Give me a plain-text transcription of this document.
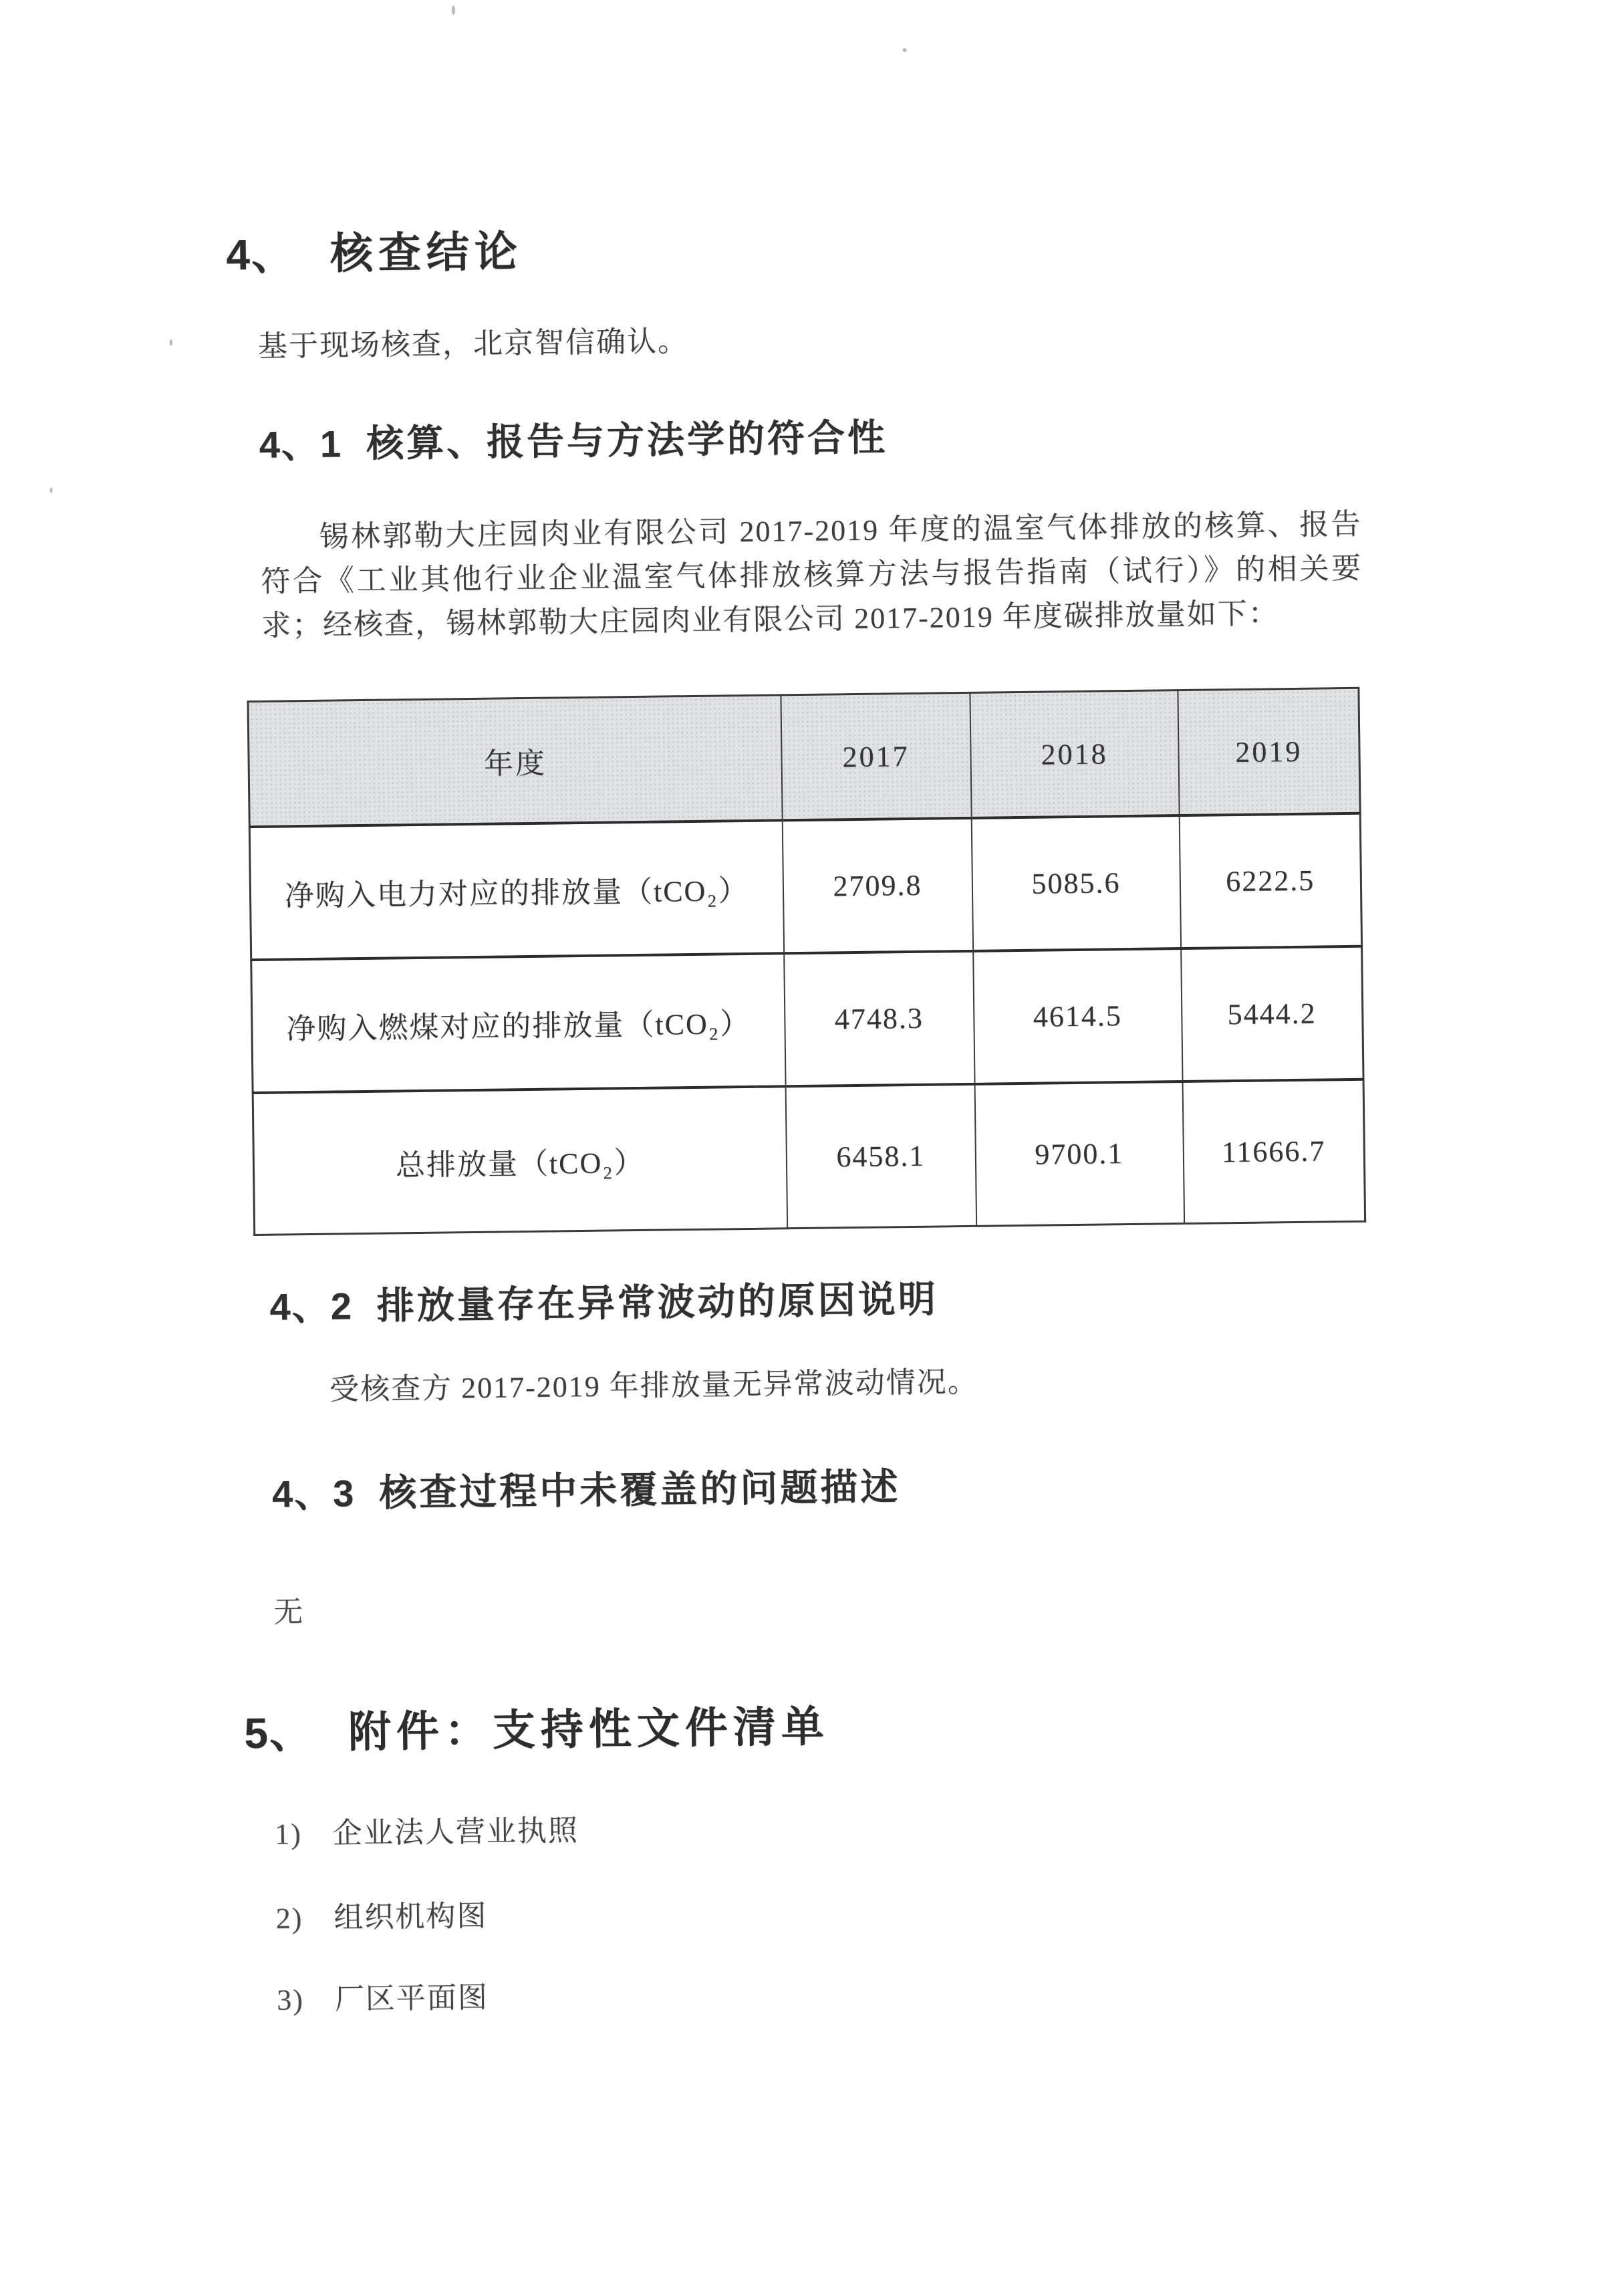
4、 核查结论
基于现场核查，北京智信确认。
4、1 核算、报告与方法学的符合性
锡林郭勒大庄园肉业有限公司 2017-2019 年度的温室气体排放的核算、报告符合《工业其他行业企业温室气体排放核算方法与报告指南（试行）》的相关要求；经核查，锡林郭勒大庄园肉业有限公司 2017-2019 年度碳排放量如下：
年度	2017	2018	2019
净购入电力对应的排放量（tCO₂）	2709.8	5085.6	6222.5
净购入燃煤对应的排放量（tCO₂）	4748.3	4614.5	5444.2
总排放量（tCO₂）	6458.1	9700.1	11666.7
4、2 排放量存在异常波动的原因说明
受核查方 2017-2019 年排放量无异常波动情况。
4、3 核查过程中未覆盖的问题描述
无
5、 附件：支持性文件清单
1) 企业法人营业执照
2) 组织机构图
3) 厂区平面图
